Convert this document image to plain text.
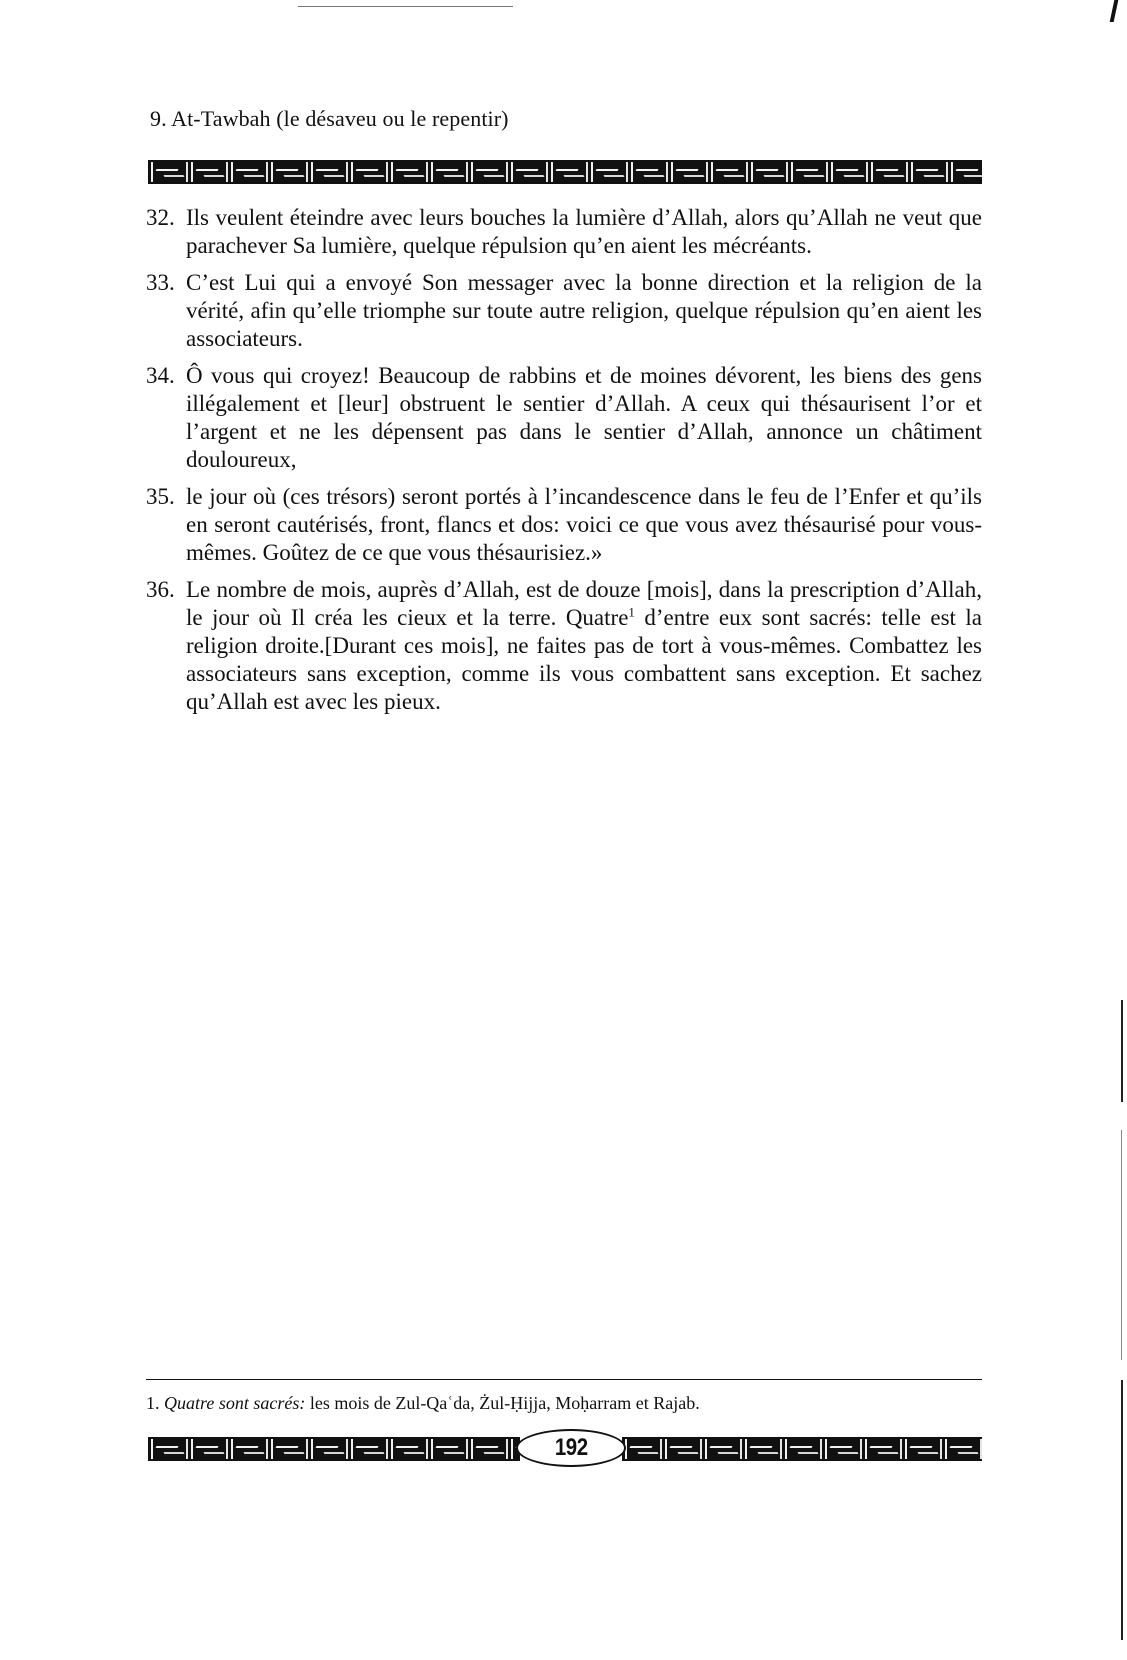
9. At-Tawbah (le désaveu ou le repentir)
32. Ils veulent éteindre avec leurs bouches la lumière d’Allah, alors qu’Allah ne veut que parachever Sa lumière, quelque répulsion qu’en aient les mécréants.
33. C’est Lui qui a envoyé Son messager avec la bonne direction et la religion de la vérité, afin qu’elle triomphe sur toute autre religion, quelque répulsion qu’en aient les associateurs.
34. Ô vous qui croyez! Beaucoup de rabbins et de moines dévorent, les biens des gens illégalement et [leur] obstruent le sentier d’Allah. A ceux qui thésaurisent l’or et l’argent et ne les dépensent pas dans le sentier d’Allah, annonce un châtiment douloureux,
35. le jour où (ces trésors) seront portés à l’incandescence dans le feu de l’Enfer et qu’ils en seront cautérisés, front, flancs et dos: voici ce que vous avez thésaurisé pour vous-mêmes. Goûtez de ce que vous thésaurisiez.»
36. Le nombre de mois, auprès d’Allah, est de douze [mois], dans la prescription d’Allah, le jour où Il créa les cieux et la terre. Quatre$^1$ d’entre eux sont sacrés: telle est la religion droite.[Durant ces mois], ne faites pas de tort à vous-mêmes. Combattez les associateurs sans exception, comme ils vous combattent sans exception. Et sachez qu’Allah est avec les pieux.
1. Quatre sont sacrés: les mois de Zul-Qaʿda, Żul-Ḥijja, Moḥarram et Rajab.
192
